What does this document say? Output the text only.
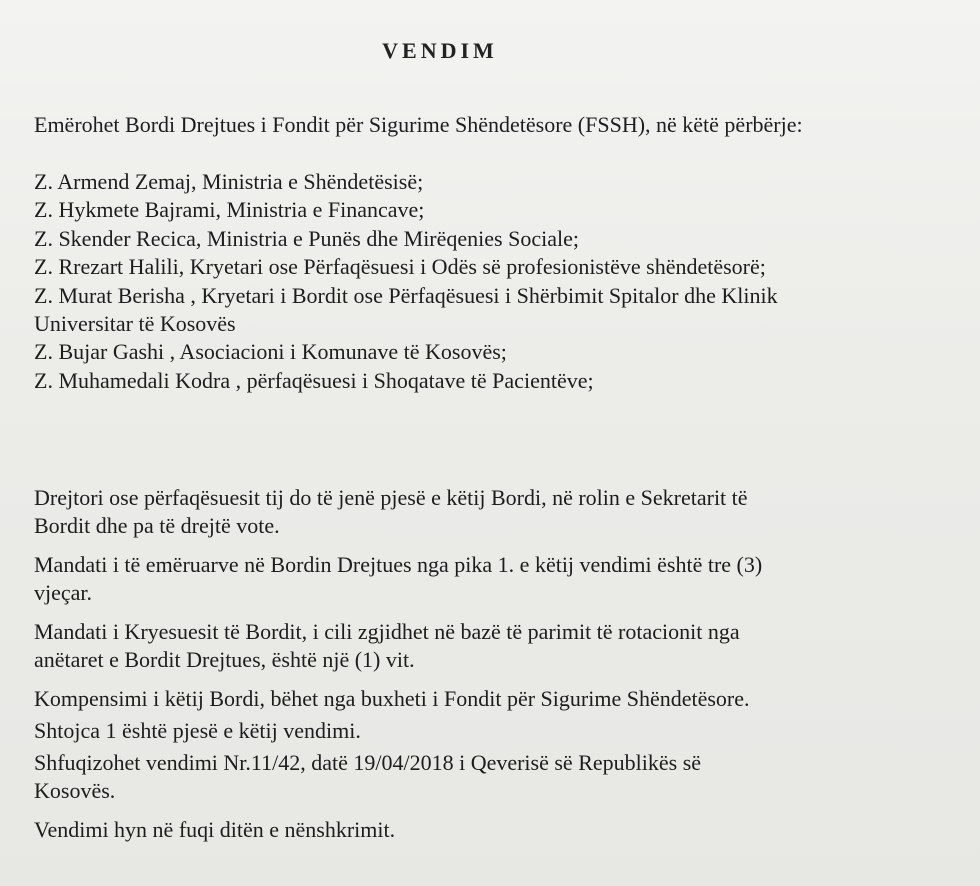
VENDIM
Emërohet Bordi Drejtues i Fondit për Sigurime Shëndetësore (FSSH), në këtë përbërje:
Z. Armend Zemaj, Ministria e Shëndetësisë;
Z. Hykmete Bajrami, Ministria e Financave;
Z. Skender Recica, Ministria e Punës dhe Mirëqenies Sociale;
Z. Rrezart Halili, Kryetari ose Përfaqësuesi i Odës së profesionistëve shëndetësorë;
Z. Murat Berisha , Kryetari i Bordit ose Përfaqësuesi i Shërbimit Spitalor dhe Klinik
Universitar të Kosovës
Z. Bujar Gashi , Asociacioni i Komunave të Kosovës;
Z. Muhamedali Kodra , përfaqësuesi i Shoqatave të Pacientëve;
Drejtori ose përfaqësuesit tij do të jenë pjesë e këtij Bordi, në rolin e Sekretarit të
Bordit dhe pa të drejtë vote.
Mandati i të emëruarve në Bordin Drejtues nga pika 1. e këtij vendimi është tre (3)
vjeçar.
Mandati i Kryesuesit të Bordit, i cili zgjidhet në bazë të parimit të rotacionit nga
anëtaret e Bordit Drejtues, është një (1) vit.
Kompensimi i këtij Bordi, bëhet nga buxheti i Fondit për Sigurime Shëndetësore.
Shtojca 1 është pjesë e këtij vendimi.
Shfuqizohet vendimi Nr.11/42, datë 19/04/2018 i Qeverisë së Republikës së
Kosovës.
Vendimi hyn në fuqi ditën e nënshkrimit.
